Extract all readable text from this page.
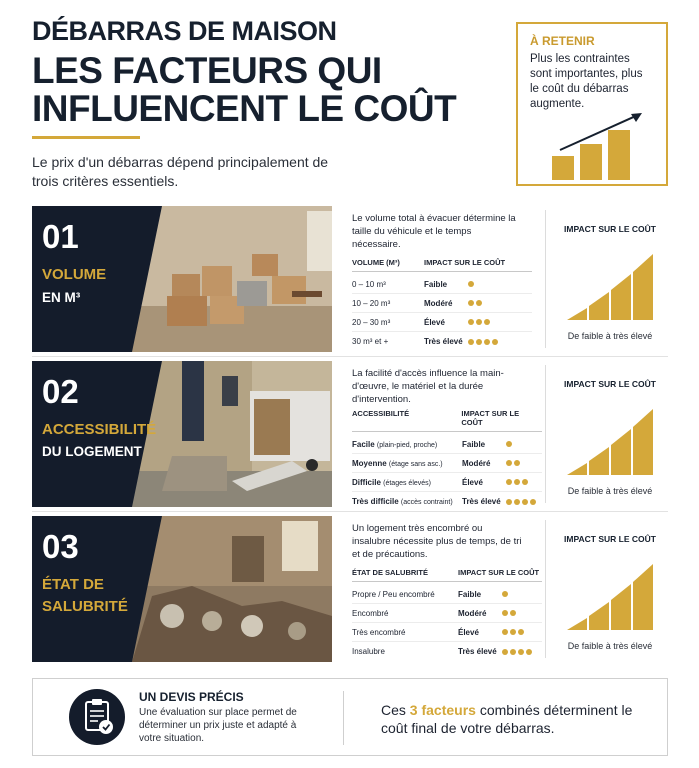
DÉBARRAS DE MAISON
LES FACTEURS QUI
INFLUENCENT LE COÛT
Le prix d'un débarras dépend principalement de trois critères essentiels.
À RETENIR
Plus les contraintes sont importantes, plus le coût du débarras augmente.
01
VOLUME
EN M³
Le volume total à évacuer détermine la taille du véhicule et le temps nécessaire.
VOLUME (M³)	IMPACT SUR LE COÛT
0 – 10 m³	Faible
10 – 20 m³	Modéré
20 – 30 m³	Élevé
30 m³ et +	Très élevé
IMPACT SUR LE COÛT
De faible à très élevé
02
ACCESSIBILITÉ
DU LOGEMENT
La facilité d'accès influence la main-d'œuvre, le matériel et la durée d'intervention.
ACCESSIBILITÉ	IMPACT SUR LE COÛT
Facile (plain-pied, proche)	Faible
Moyenne (étage sans asc.)	Modéré
Difficile (étages élevés)	Élevé
Très difficile (accès contraint)	Très élevé
IMPACT SUR LE COÛT
De faible à très élevé
03
ÉTAT DE
SALUBRITÉ
Un logement très encombré ou insalubre nécessite plus de temps, de tri et de précautions.
ÉTAT DE SALUBRITÉ	IMPACT SUR LE COÛT
Propre / Peu encombré	Faible
Encombré	Modéré
Très encombré	Élevé
Insalubre	Très élevé
IMPACT SUR LE COÛT
De faible à très élevé
UN DEVIS PRÉCIS
Une évaluation sur place permet de déterminer un prix juste et adapté à votre situation.
Ces 3 facteurs combinés déterminent le coût final de votre débarras.
